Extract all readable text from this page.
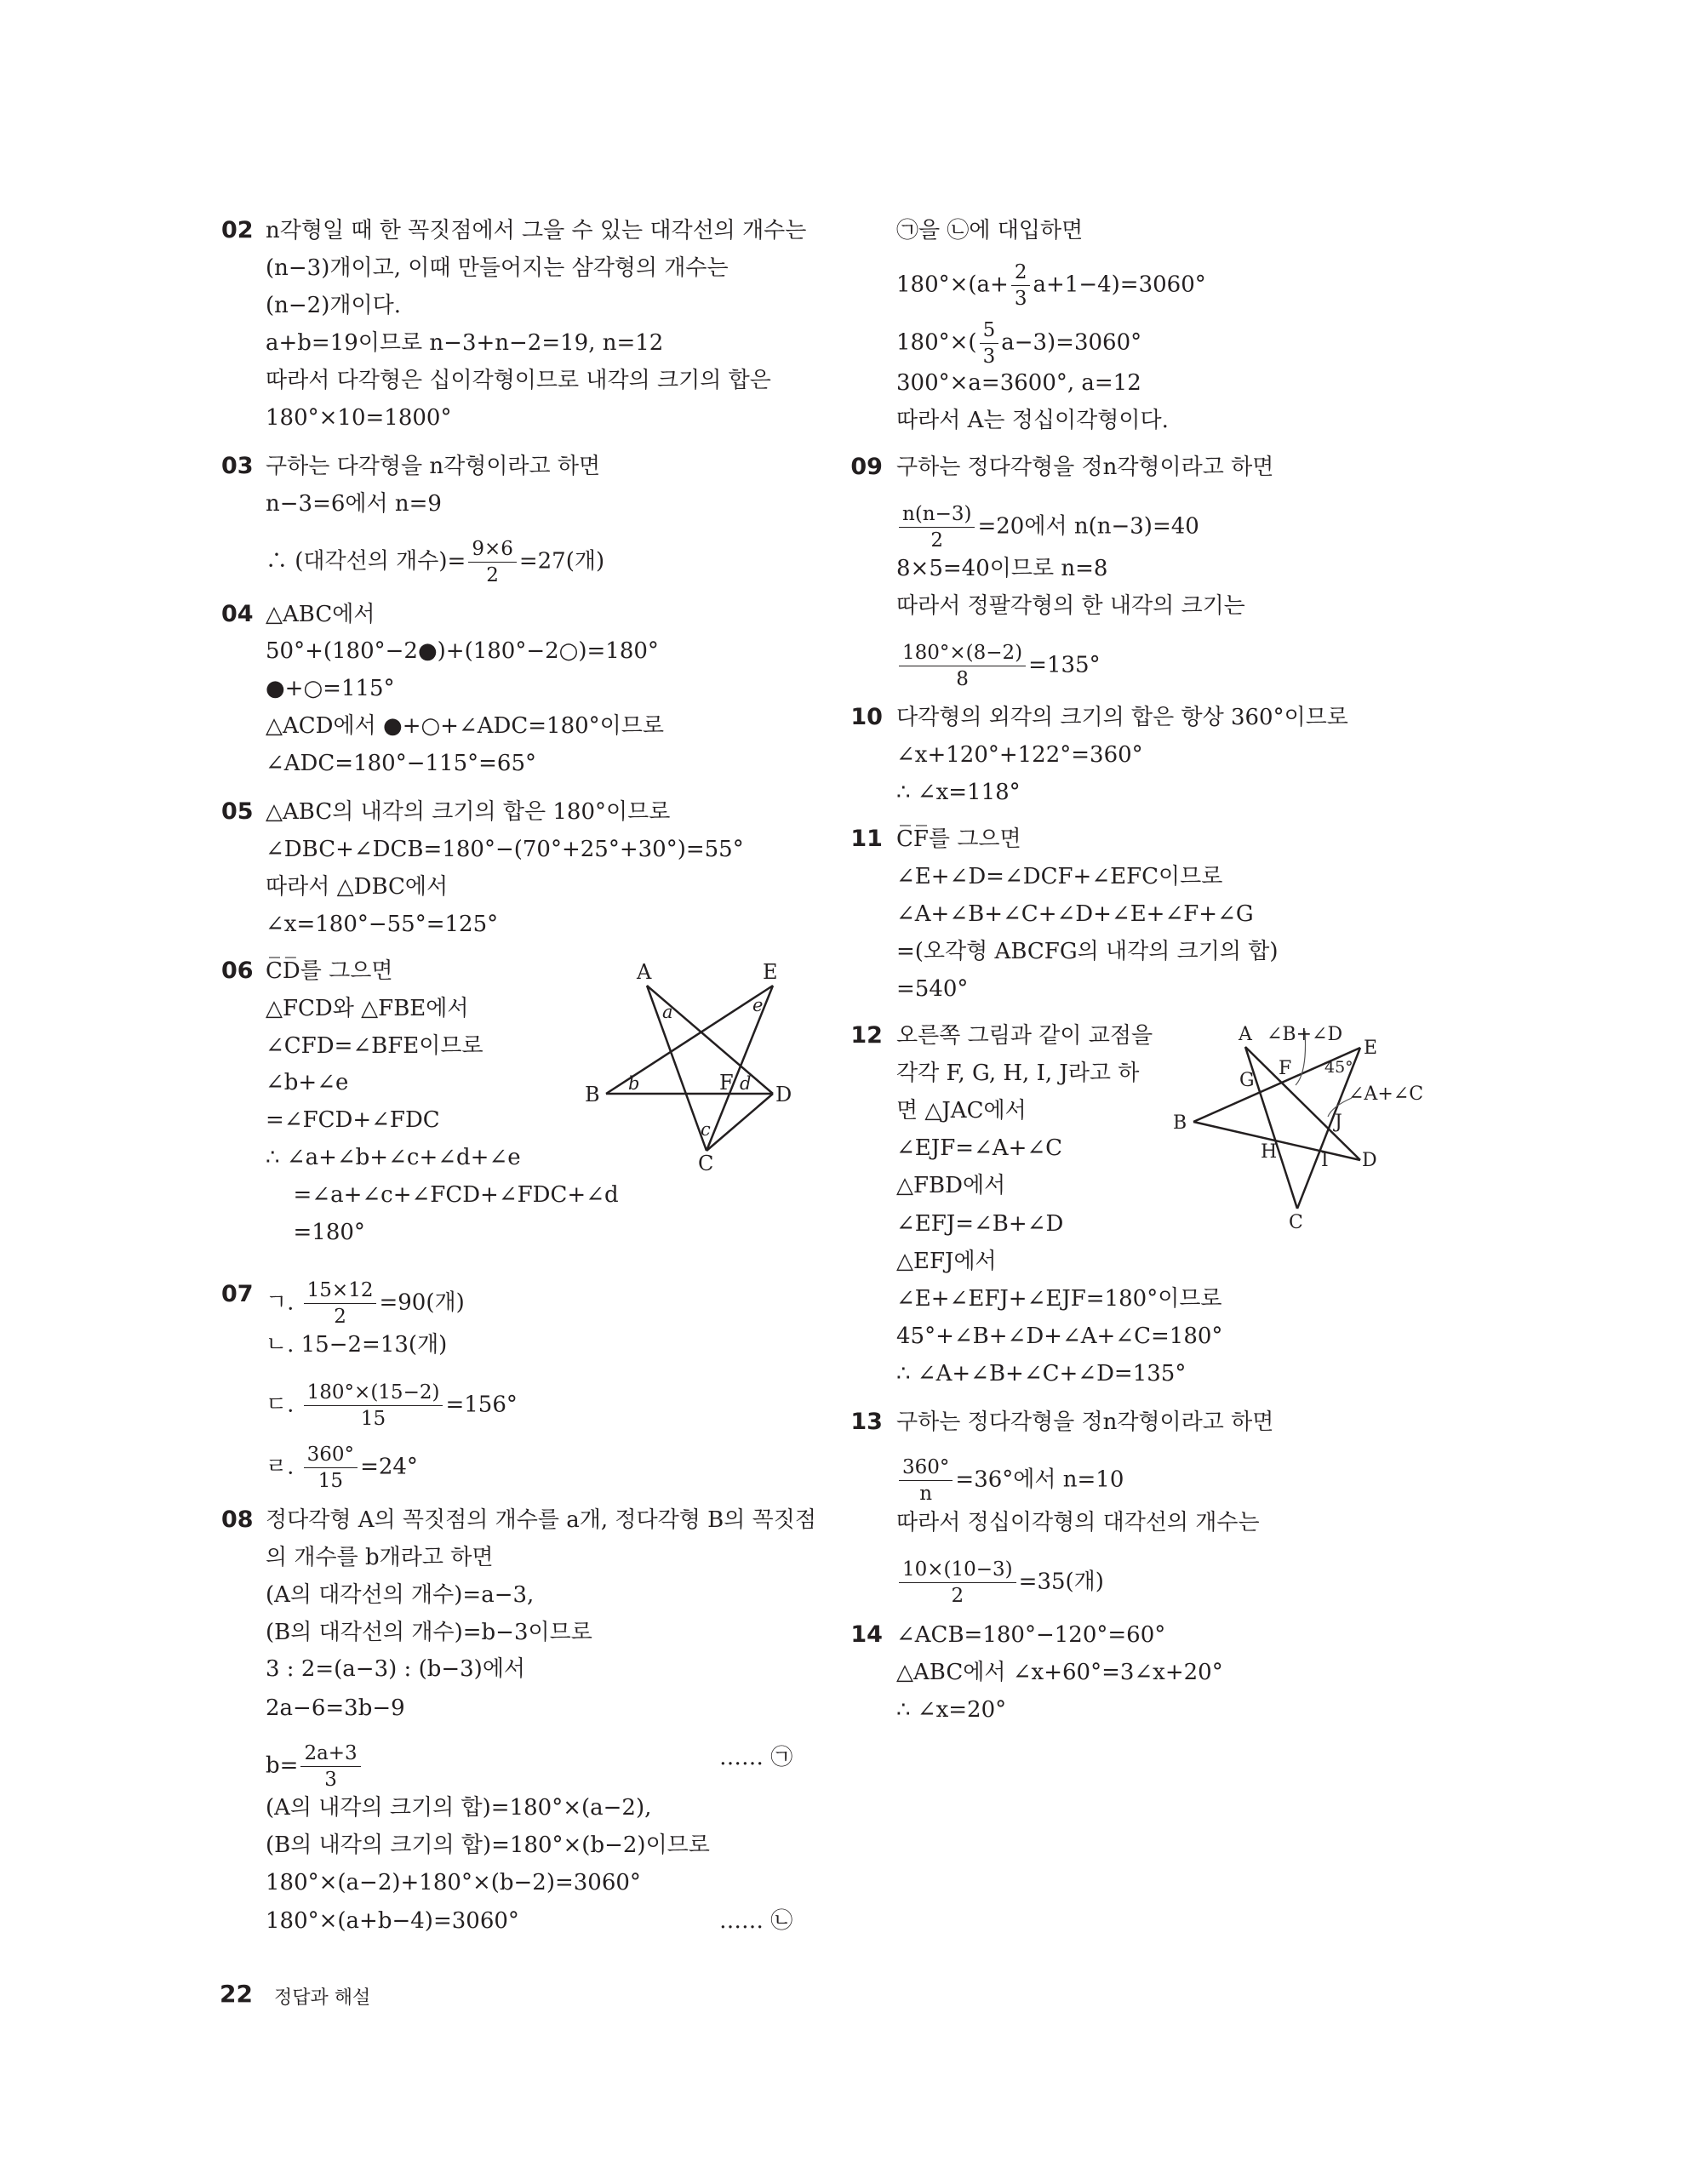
02 n각형일 때 한 꼭짓점에서 그을 수 있는 대각선의 개수는
(n−3)개이고, 이때 만들어지는 삼각형의 개수는
(n−2)개이다.
a+b=19이므로 n−3+n−2=19, n=12
따라서 다각형은 십이각형이므로 내각의 크기의 합은
180°×10=1800°
03 구하는 다각형을 n각형이라고 하면
n−3=6에서 n=9
∴ (대각선의 개수)= $\frac{9\times 6}{2} =27$(개)
04 △ABC에서
50°+(180°−2●)+(180°−2○)=180°
●+○=115°
△ACD에서 ●+○+∠ADC=180°이므로
∠ADC=180°−115°=65°
05 △ABC의 내각의 크기의 합은 180°이므로
∠DBC+∠DCB=180°−(70°+25°+30°)=55°
따라서 △DBC에서
∠x=180°−55°=125°
06 C̅D̅를 그으면
△FCD와 △FBE에서
∠CFD=∠BFE이므로
∠b+∠e
=∠FCD+∠FDC
∴ ∠a+∠b+∠c+∠d+∠e
=∠a+∠c+∠FCD+∠FDC+∠d
=180°
07 ㄱ. $\frac{15\times 12}{2} =90$(개)
ㄴ. 15−2=13(개)
ㄷ. $\frac{180^\circ\times(15-2)}{15} =156^\circ$
ㄹ. $\frac{360^\circ}{15} =24^\circ$
08 정다각형 A의 꼭짓점의 개수를 a개, 정다각형 B의 꼭짓점
의 개수를 b개라고 하면
(A의 대각선의 개수)=a−3,
(B의 대각선의 개수)=b−3이므로
3 : 2=(a−3) : (b−3)에서
2a−6=3b−9
$b= \frac{2a+3}{3}$
(A의 내각의 크기의 합)=180°×(a−2),
(B의 내각의 크기의 합)=180°×(b−2)이므로
180°×(a−2)+180°×(b−2)=3060°
180°×(a+b−4)=3060°
…… ㉠
…… ㉡
㉠을 ㉡에 대입하면
$180^\circ\times(a+ \frac{2}{3} a+1-4)=3060^\circ$
$180^\circ\times( \frac{5}{3} a-3)=3060^\circ$
300°×a=3600°, a=12
따라서 A는 정십이각형이다.
09 구하는 정다각형을 정n각형이라고 하면
$\frac{n(n-3)}{2} =20$에서 n(n−3)=40
8×5=40이므로 n=8
따라서 정팔각형의 한 내각의 크기는
$\frac{180^\circ\times(8-2)}{8} =135^\circ$
10 다각형의 외각의 크기의 합은 항상 360°이므로
∠x+120°+122°=360°
∴ ∠x=118°
11 C̅F̅를 그으면
∠E+∠D=∠DCF+∠EFC이므로
∠A+∠B+∠C+∠D+∠E+∠F+∠G
=(오각형 ABCFG의 내각의 크기의 합)
=540°
12 오른쪽 그림과 같이 교점을
각각 F, G, H, I, J라고 하
면 △JAC에서
∠EJF=∠A+∠C
△FBD에서
∠EFJ=∠B+∠D
△EFJ에서
∠E+∠EFJ+∠EJF=180°이므로
45°+∠B+∠D+∠A+∠C=180°
∴ ∠A+∠B+∠C+∠D=135°
13 구하는 정다각형을 정n각형이라고 하면
$\frac{360^\circ}{n} =36^\circ$에서 n=10
따라서 정십이각형의 대각선의 개수는
$\frac{10\times(10-3)}{2} =35$(개)
14 ∠ACB=180°−120°=60°
△ABC에서 ∠x+60°=3∠x+20°
∴ ∠x=20°
A	E
B	D
C
F
a
b
c
d
e
A
E
B
D
C
F
G
H I
J
∠B+∠D
45°
∠A+∠C
22 정답과 해설
